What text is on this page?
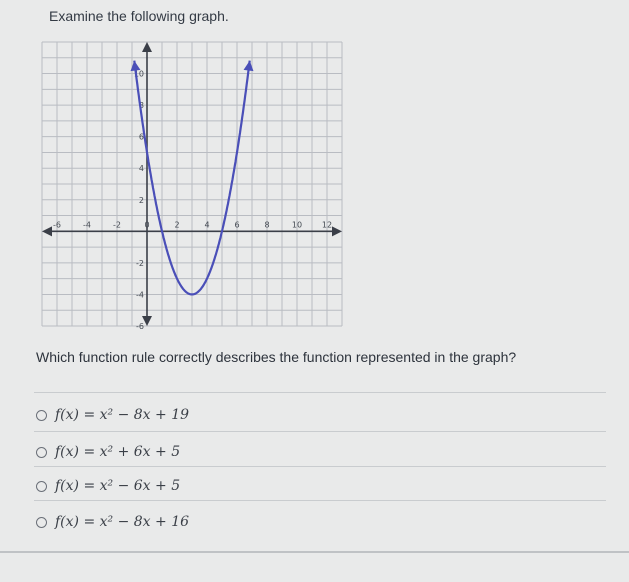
Examine the following graph.
-6	-4	-2	0	2	4	6	8	10 12
10
8
6
4
2
-2
-4
-6
Which function rule correctly describes the function represented in the graph?
f(x) = x² − 8x + 19
f(x) = x² + 6x + 5
f(x) = x² − 6x + 5
f(x) = x² − 8x + 16
